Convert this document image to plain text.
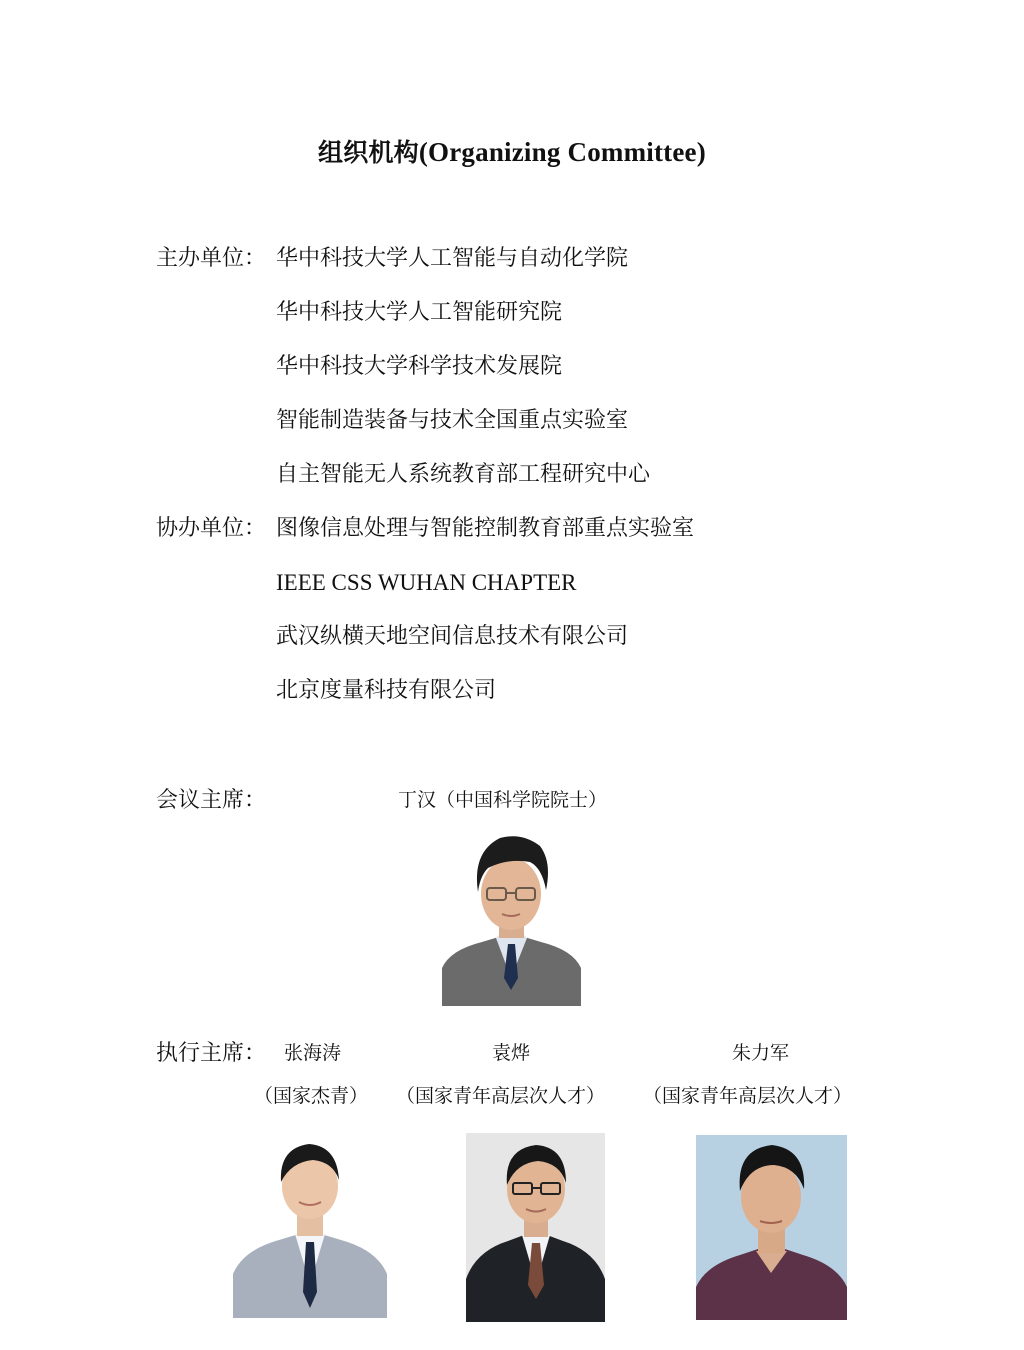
组织机构(Organizing Committee)
主办单位： 华中科技大学人工智能与自动化学院
华中科技大学人工智能研究院
华中科技大学科学技术发展院
智能制造装备与技术全国重点实验室
自主智能无人系统教育部工程研究中心
协办单位： 图像信息处理与智能控制教育部重点实验室
IEEE CSS WUHAN CHAPTER
武汉纵横天地空间信息技术有限公司
北京度量科技有限公司
会议主席：	丁汉（中国科学院院士）
执行主席： 张海涛	袁烨	朱力军
（国家杰青） （国家青年高层次人才） （国家青年高层次人才）
